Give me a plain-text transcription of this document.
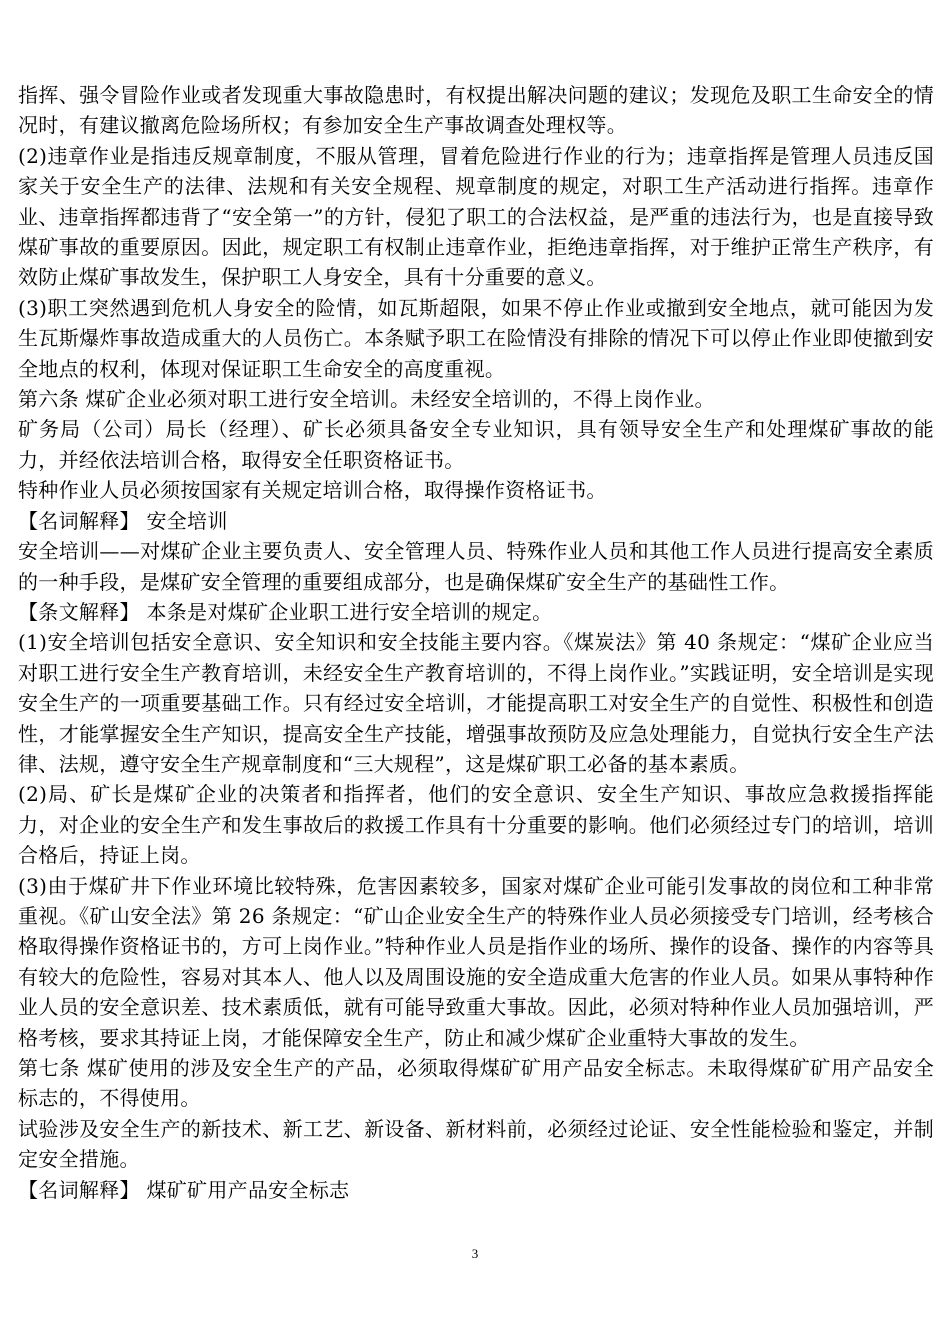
指挥、强令冒险作业或者发现重大事故隐患时，有权提出解决问题的建议；发现危及职工生命安全的情况时，有建议撤离危险场所权；有参加安全生产事故调查处理权等。

(2)违章作业是指违反规章制度，不服从管理，冒着危险进行作业的行为；违章指挥是管理人员违反国家关于安全生产的法律、法规和有关安全规程、规章制度的规定，对职工生产活动进行指挥。违章作业、违章指挥都违背了“安全第一”的方针，侵犯了职工的合法权益，是严重的违法行为，也是直接导致煤矿事故的重要原因。因此，规定职工有权制止违章作业，拒绝违章指挥，对于维护正常生产秩序，有效防止煤矿事故发生，保护职工人身安全，具有十分重要的意义。

(3)职工突然遇到危机人身安全的险情，如瓦斯超限，如果不停止作业或撤到安全地点，就可能因为发生瓦斯爆炸事故造成重大的人员伤亡。本条赋予职工在险情没有排除的情况下可以停止作业即使撤到安全地点的权利，体现对保证职工生命安全的高度重视。

第六条 煤矿企业必须对职工进行安全培训。未经安全培训的，不得上岗作业。

矿务局（公司）局长（经理）、矿长必须具备安全专业知识，具有领导安全生产和处理煤矿事故的能力，并经依法培训合格，取得安全任职资格证书。

特种作业人员必须按国家有关规定培训合格，取得操作资格证书。

【名词解释】 安全培训

安全培训——对煤矿企业主要负责人、安全管理人员、特殊作业人员和其他工作人员进行提高安全素质的一种手段，是煤矿安全管理的重要组成部分，也是确保煤矿安全生产的基础性工作。

【条文解释】 本条是对煤矿企业职工进行安全培训的规定。

(1)安全培训包括安全意识、安全知识和安全技能主要内容。《煤炭法》第 40 条规定：“煤矿企业应当对职工进行安全生产教育培训，未经安全生产教育培训的，不得上岗作业。”实践证明，安全培训是实现安全生产的一项重要基础工作。只有经过安全培训，才能提高职工对安全生产的自觉性、积极性和创造性，才能掌握安全生产知识，提高安全生产技能，增强事故预防及应急处理能力，自觉执行安全生产法律、法规，遵守安全生产规章制度和“三大规程”，这是煤矿职工必备的基本素质。

(2)局、矿长是煤矿企业的决策者和指挥者，他们的安全意识、安全生产知识、事故应急救援指挥能力，对企业的安全生产和发生事故后的救援工作具有十分重要的影响。他们必须经过专门的培训，培训合格后，持证上岗。

(3)由于煤矿井下作业环境比较特殊，危害因素较多，国家对煤矿企业可能引发事故的岗位和工种非常重视。《矿山安全法》第 26 条规定：“矿山企业安全生产的特殊作业人员必须接受专门培训，经考核合格取得操作资格证书的，方可上岗作业。”特种作业人员是指作业的场所、操作的设备、操作的内容等具有较大的危险性，容易对其本人、他人以及周围设施的安全造成重大危害的作业人员。如果从事特种作业人员的安全意识差、技术素质低，就有可能导致重大事故。因此，必须对特种作业人员加强培训，严格考核，要求其持证上岗，才能保障安全生产，防止和减少煤矿企业重特大事故的发生。

第七条 煤矿使用的涉及安全生产的产品，必须取得煤矿矿用产品安全标志。未取得煤矿矿用产品安全标志的，不得使用。

试验涉及安全生产的新技术、新工艺、新设备、新材料前，必须经过论证、安全性能检验和鉴定，并制定安全措施。

【名词解释】 煤矿矿用产品安全标志

3
